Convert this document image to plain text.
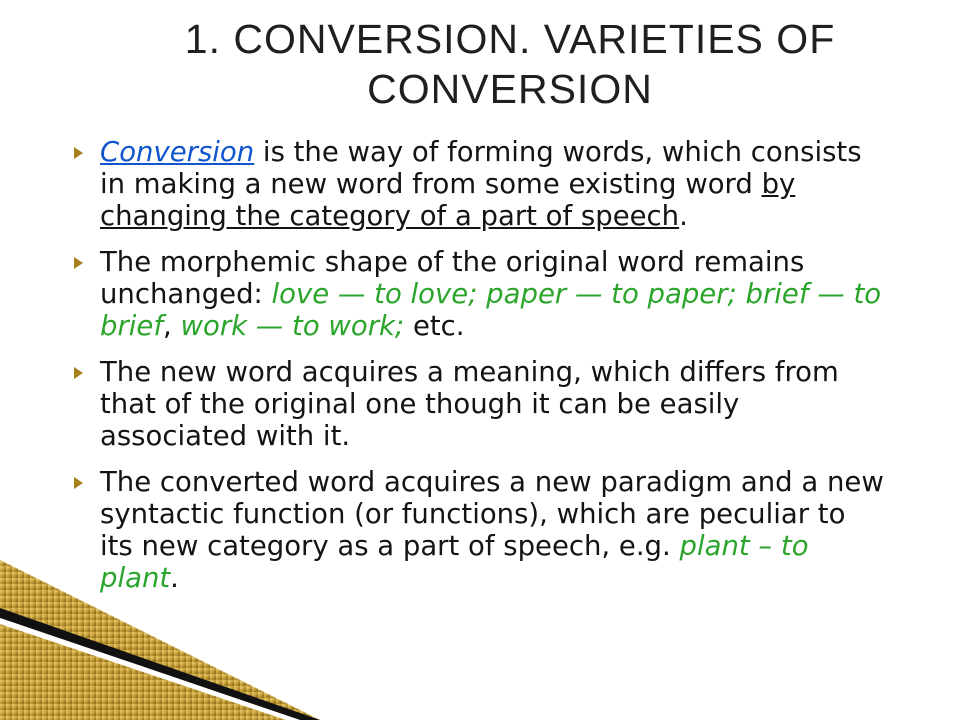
1. CONVERSION. VARIETIES OF CONVERSION
Conversion is the way of forming words, which consists in making a new word from some existing word by changing the category of a part of speech.
The morphemic shape of the original word remains unchanged: love — to love; paper — to paper; brief — to brief, work — to work; etc.
The new word acquires a meaning, which differs from that of the original one though it can be easily associated with it.
The converted word acquires a new paradigm and a new syntactic function (or functions), which are peculiar to its new category as a part of speech, e.g. plant – to plant.
